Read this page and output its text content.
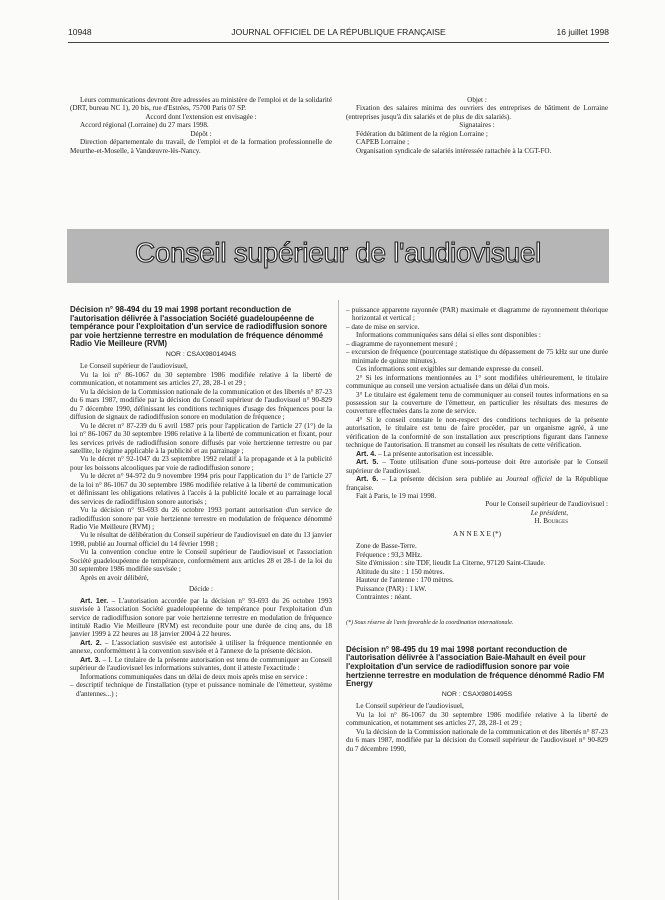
10948	JOURNAL OFFICIEL DE LA RÉPUBLIQUE FRANÇAISE	16 juillet 1998

Leurs communications devront être adressées au ministère de l'emploi et de la solidarité (DRT, bureau NC 1), 20 bis, rue d'Estrées, 75700 Paris 07 SP.

Accord dont l'extension est envisagée :

Accord régional (Lorraine) du 27 mars 1998.

Dépôt :

Direction départementale du travail, de l'emploi et de la formation professionnelle de Meurthe-et-Moselle, à Vandœuvre-lès-Nancy.

Objet :

Fixation des salaires minima des ouvriers des entreprises de bâtiment de Lorraine (entreprises jusqu'à dix salariés et de plus de dix salariés).

Signataires :

Fédération du bâtiment de la région Lorraine ;

CAPEB Lorraine ;

Organisation syndicale de salariés intéressée rattachée à la CGT-FO.

Conseil supérieur de l'audiovisuel

Décision n° 98-494 du 19 mai 1998 portant reconduction de l'autorisation délivrée à l'association Société guadeloupéenne de tempérance pour l'exploitation d'un service de radiodiffusion sonore par voie hertzienne terrestre en modulation de fréquence dénommé Radio Vie Meilleure (RVM)

NOR : CSAX9801494S

Le Conseil supérieur de l'audiovisuel,

Vu la loi n° 86-1067 du 30 septembre 1986 modifiée relative à la liberté de communication, et notamment ses articles 27, 28, 28-1 et 29 ;

Vu la décision de la Commission nationale de la communication et des libertés n° 87-23 du 6 mars 1987, modifiée par la décision du Conseil supérieur de l'audiovisuel n° 90-829 du 7 décembre 1990, définissant les conditions techniques d'usage des fréquences pour la diffusion de signaux de radiodiffusion sonore en modulation de fréquence ;

Vu le décret n° 87-239 du 6 avril 1987 pris pour l'application de l'article 27 (1°) de la loi n° 86-1067 du 30 septembre 1986 relative à la liberté de communication et fixant, pour les services privés de radiodiffusion sonore diffusés par voie hertzienne terrestre ou par satellite, le régime applicable à la publicité et au parrainage ;

Vu le décret n° 92-1047 du 23 septembre 1992 relatif à la propagande et à la publicité pour les boissons alcooliques par voie de radiodiffusion sonore ;

Vu le décret n° 94-972 du 9 novembre 1994 pris pour l'application du 1° de l'article 27 de la loi n° 86-1067 du 30 septembre 1986 modifiée relative à la liberté de communication et définissant les obligations relatives à l'accès à la publicité locale et au parrainage local des services de radiodiffusion sonore autorisés ;

Vu la décision n° 93-693 du 26 octobre 1993 portant autorisation d'un service de radiodiffusion sonore par voie hertzienne terrestre en modulation de fréquence dénommé Radio Vie Meilleure (RVM) ;

Vu le résultat de délibération du Conseil supérieur de l'audiovisuel en date du 13 janvier 1998, publié au Journal officiel du 14 février 1998 ;

Vu la convention conclue entre le Conseil supérieur de l'audiovisuel et l'association Société guadeloupéenne de tempérance, conformément aux articles 28 et 28-1 de la loi du 30 septembre 1986 modifiée susvisée ;

Après en avoir délibéré,

Décide :

Art. 1er. – L'autorisation accordée par la décision n° 93-693 du 26 octobre 1993 susvisée à l'association Société guadeloupéenne de tempérance pour l'exploitation d'un service de radiodiffusion sonore par voie hertzienne terrestre en modulation de fréquence intitulé Radio Vie Meilleure (RVM) est reconduite pour une durée de cinq ans, du 18 janvier 1999 à 22 heures au 18 janvier 2004 à 22 heures.

Art. 2. – L'association susvisée est autorisée à utiliser la fréquence mentionnée en annexe, conformément à la convention susvisée et à l'annexe de la présente décision.

Art. 3. – I. Le titulaire de la présente autorisation est tenu de communiquer au Conseil supérieur de l'audiovisuel les informations suivantes, dont il atteste l'exactitude :

Informations communiquées dans un délai de deux mois après mise en service :

– descriptif technique de l'installation (type et puissance nominale de l'émetteur, système d'antennes...) ;

– puissance apparente rayonnée (PAR) maximale et diagramme de rayonnement théorique horizontal et vertical ;

– date de mise en service.

Informations communiquées sans délai si elles sont disponibles :

– diagramme de rayonnement mesuré ;

– excursion de fréquence (pourcentage statistique du dépassement de 75 kHz sur une durée minimale de quinze minutes).

Ces informations sont exigibles sur demande expresse du conseil.

2° Si les informations mentionnées au 1° sont modifiées ultérieurement, le titulaire communique au conseil une version actualisée dans un délai d'un mois.

3° Le titulaire est également tenu de communiquer au conseil toutes informations en sa possession sur la couverture de l'émetteur, en particulier les résultats des mesures de couverture effectuées dans la zone de service.

4° Si le conseil constate le non-respect des conditions techniques de la présente autorisation, le titulaire est tenu de faire procéder, par un organisme agréé, à une vérification de la conformité de son installation aux prescriptions figurant dans l'annexe technique de l'autorisation. Il transmet au conseil les résultats de cette vérification.

Art. 4. – La présente autorisation est incessible.

Art. 5. – Toute utilisation d'une sous-porteuse doit être autorisée par le Conseil supérieur de l'audiovisuel.

Art. 6. – La présente décision sera publiée au Journal officiel de la République française.

Fait à Paris, le 19 mai 1998.

Pour le Conseil supérieur de l'audiovisuel :

Le président,

H. Bourges

A N N E X E (*)

Zone de Basse-Terre.

Fréquence : 93,3 MHz.

Site d'émission : site TDF, lieudit La Citerne, 97120 Saint-Claude.

Altitude du site : 1 150 mètres.

Hauteur de l'antenne : 170 mètres.

Puissance (PAR) : 1 kW.

Contraintes : néant.

(*) Sous réserve de l'avis favorable de la coordination internationale.

Décision n° 98-495 du 19 mai 1998 portant reconduction de l'autorisation délivrée à l'association Baie-Mahault en éveil pour l'exploitation d'un service de radiodiffusion sonore par voie hertzienne terrestre en modulation de fréquence dénommé Radio FM Energy

NOR : CSAX9801495S

Le Conseil supérieur de l'audiovisuel,

Vu la loi n° 86-1067 du 30 septembre 1986 modifiée relative à la liberté de communication, et notamment ses articles 27, 28, 28-1 et 29 ;

Vu la décision de la Commission nationale de la communication et des libertés n° 87-23 du 6 mars 1987, modifiée par la décision du Conseil supérieur de l'audiovisuel n° 90-829 du 7 décembre 1990,
